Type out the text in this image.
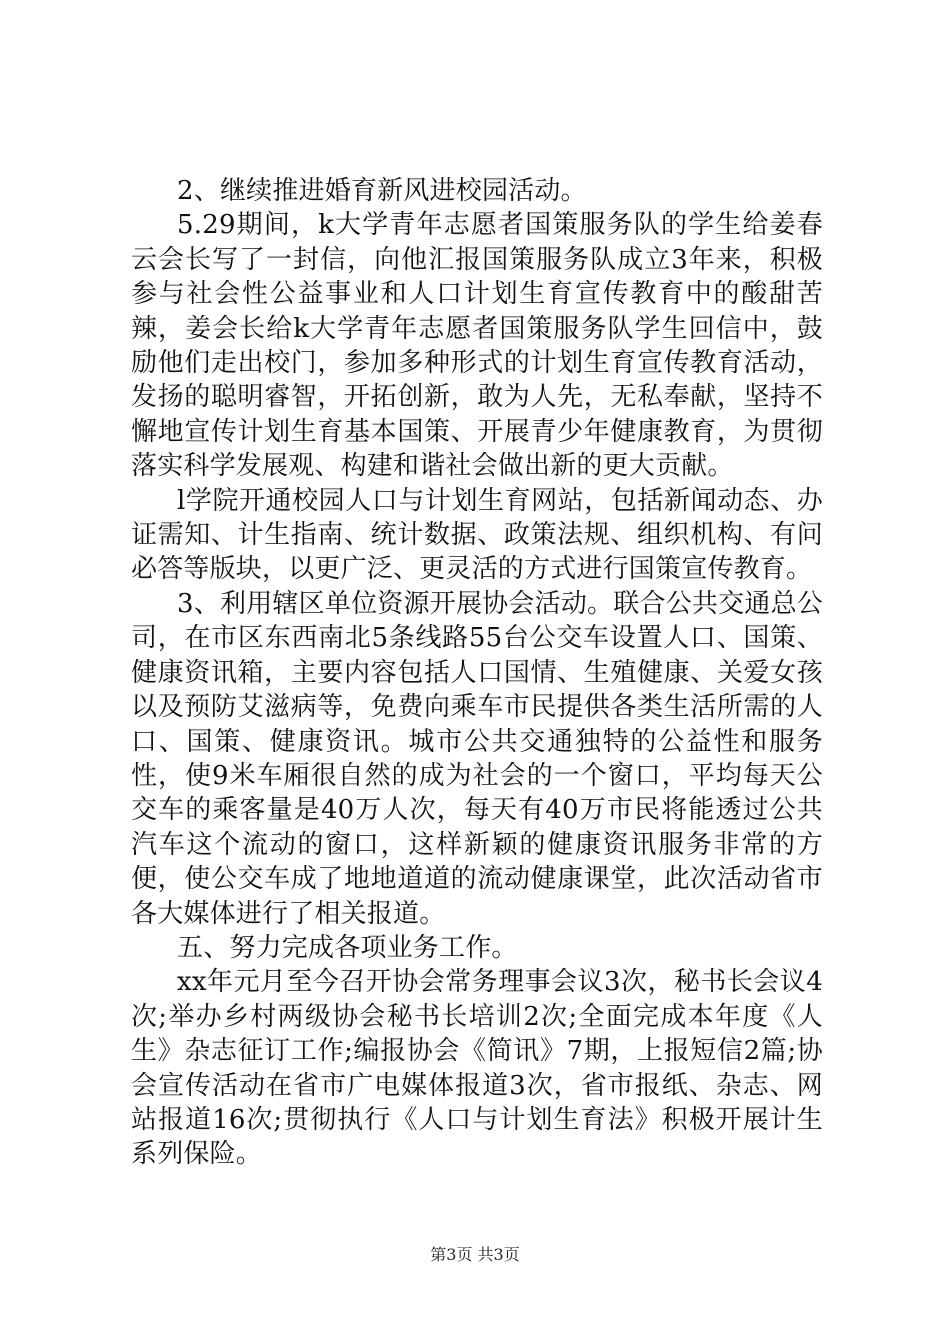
2、继续推进婚育新风进校园活动。

5.29期间，k大学青年志愿者国策服务队的学生给姜春云会长写了一封信，向他汇报国策服务队成立3年来，积极参与社会性公益事业和人口计划生育宣传教育中的酸甜苦辣，姜会长给k大学青年志愿者国策服务队学生回信中，鼓励他们走出校门，参加多种形式的计划生育宣传教育活动，发扬的聪明睿智，开拓创新，敢为人先，无私奉献，坚持不懈地宣传计划生育基本国策、开展青少年健康教育，为贯彻落实科学发展观、构建和谐社会做出新的更大贡献。

l学院开通校园人口与计划生育网站，包括新闻动态、办证需知、计生指南、统计数据、政策法规、组织机构、有问必答等版块，以更广泛、更灵活的方式进行国策宣传教育。

3、利用辖区单位资源开展协会活动。联合公共交通总公司，在市区东西南北5条线路55台公交车设置人口、国策、健康资讯箱，主要内容包括人口国情、生殖健康、关爱女孩以及预防艾滋病等，免费向乘车市民提供各类生活所需的人口、国策、健康资讯。城市公共交通独特的公益性和服务性，使9米车厢很自然的成为社会的一个窗口，平均每天公交车的乘客量是40万人次，每天有40万市民将能透过公共汽车这个流动的窗口，这样新颖的健康资讯服务非常的方便，使公交车成了地地道道的流动健康课堂，此次活动省市各大媒体进行了相关报道。

五、努力完成各项业务工作。

xx年元月至今召开协会常务理事会议3次，秘书长会议4次;举办乡村两级协会秘书长培训2次;全面完成本年度《人生》杂志征订工作;编报协会《简讯》7期，上报短信2篇;协会宣传活动在省市广电媒体报道3次，省市报纸、杂志、网站报道16次;贯彻执行《人口与计划生育法》积极开展计生系列保险。

第3页 共3页
